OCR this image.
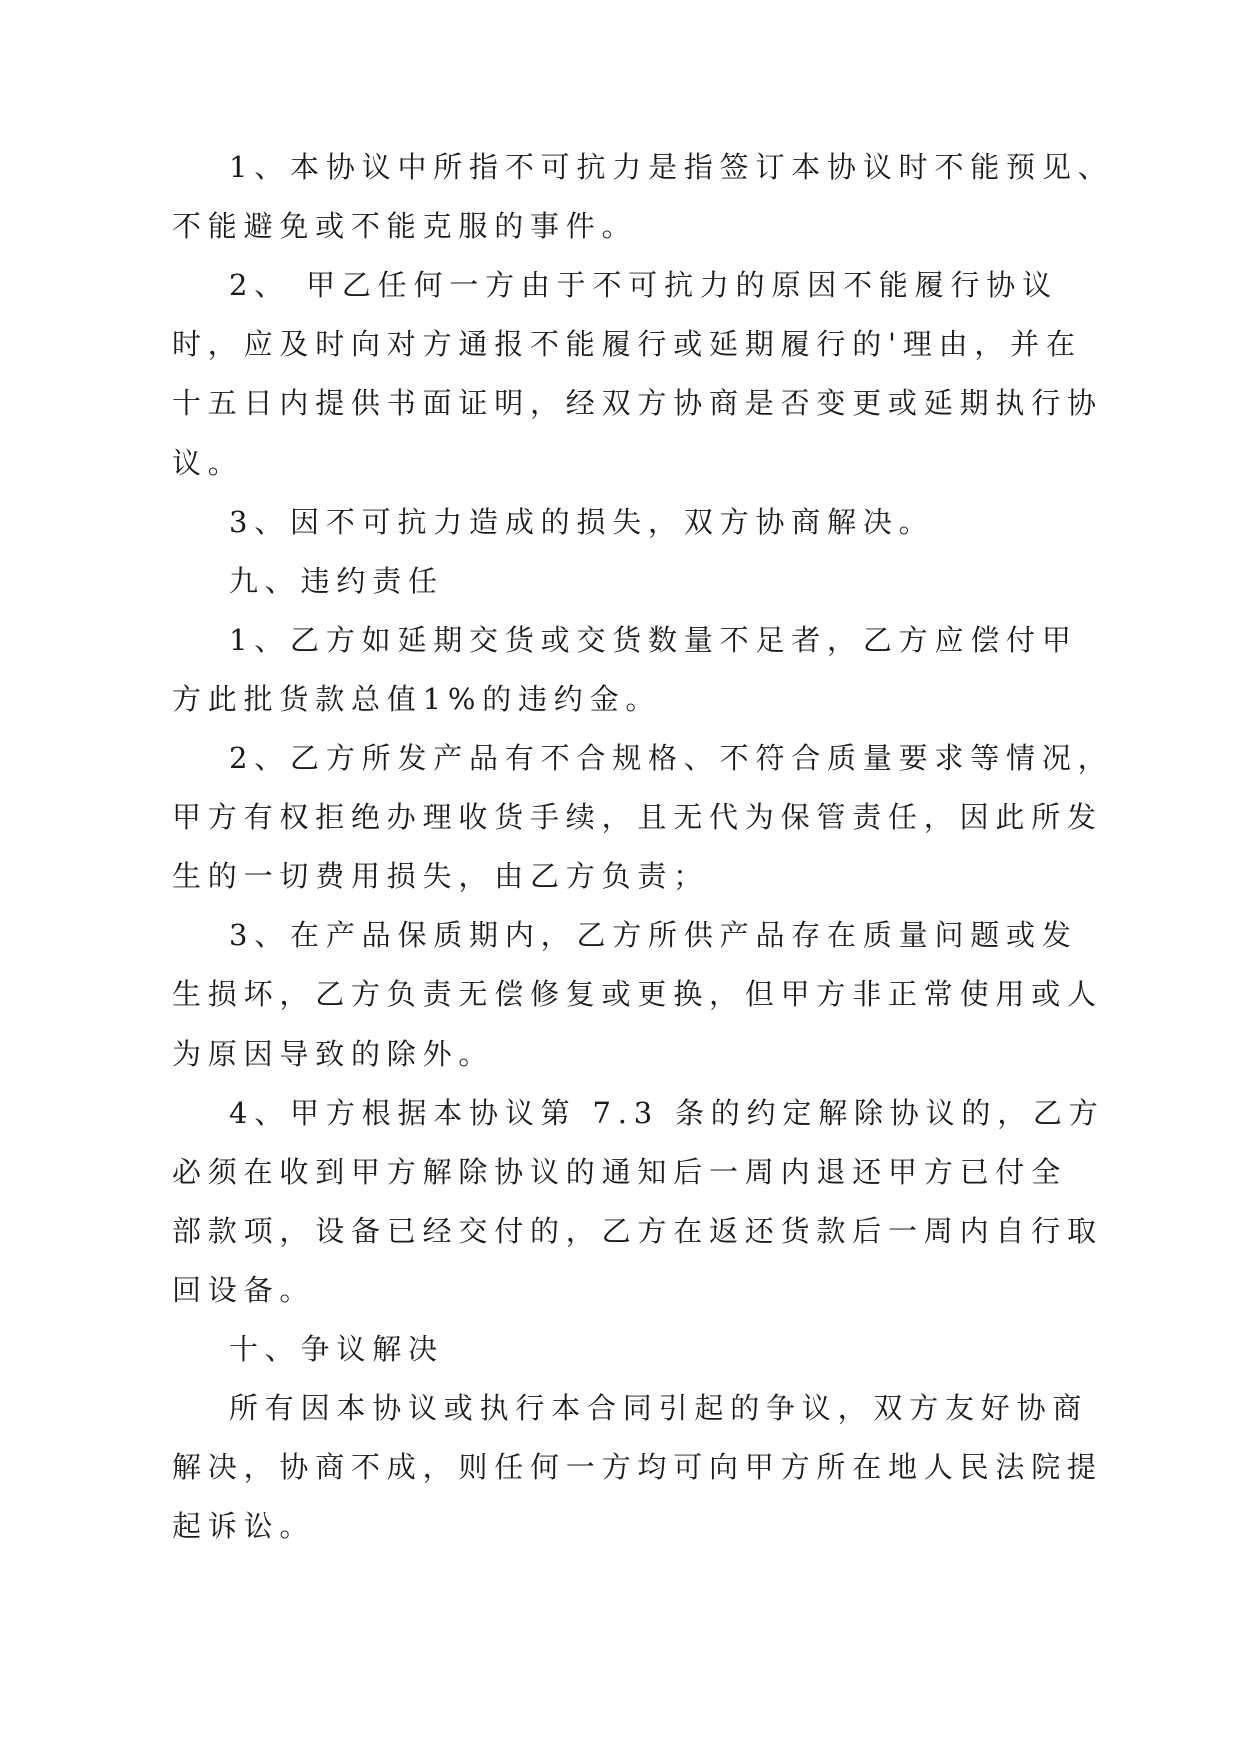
1、本协议中所指不可抗力是指签订本协议时不能预见、

不能避免或不能克服的事件。

2、 甲乙任何一方由于不可抗力的原因不能履行协议

时，应及时向对方通报不能履行或延期履行的'理由，并在

十五日内提供书面证明，经双方协商是否变更或延期执行协

议。

3、因不可抗力造成的损失，双方协商解决。

九、违约责任

1、乙方如延期交货或交货数量不足者，乙方应偿付甲

方此批货款总值1%的违约金。

2、乙方所发产品有不合规格、不符合质量要求等情况，

甲方有权拒绝办理收货手续，且无代为保管责任，因此所发

生的一切费用损失，由乙方负责；

3、在产品保质期内，乙方所供产品存在质量问题或发

生损坏，乙方负责无偿修复或更换，但甲方非正常使用或人

为原因导致的除外。

4、甲方根据本协议第 7.3 条的约定解除协议的，乙方

必须在收到甲方解除协议的通知后一周内退还甲方已付全

部款项，设备已经交付的，乙方在返还货款后一周内自行取

回设备。

十、争议解决

所有因本协议或执行本合同引起的争议，双方友好协商

解决，协商不成，则任何一方均可向甲方所在地人民法院提

起诉讼。
